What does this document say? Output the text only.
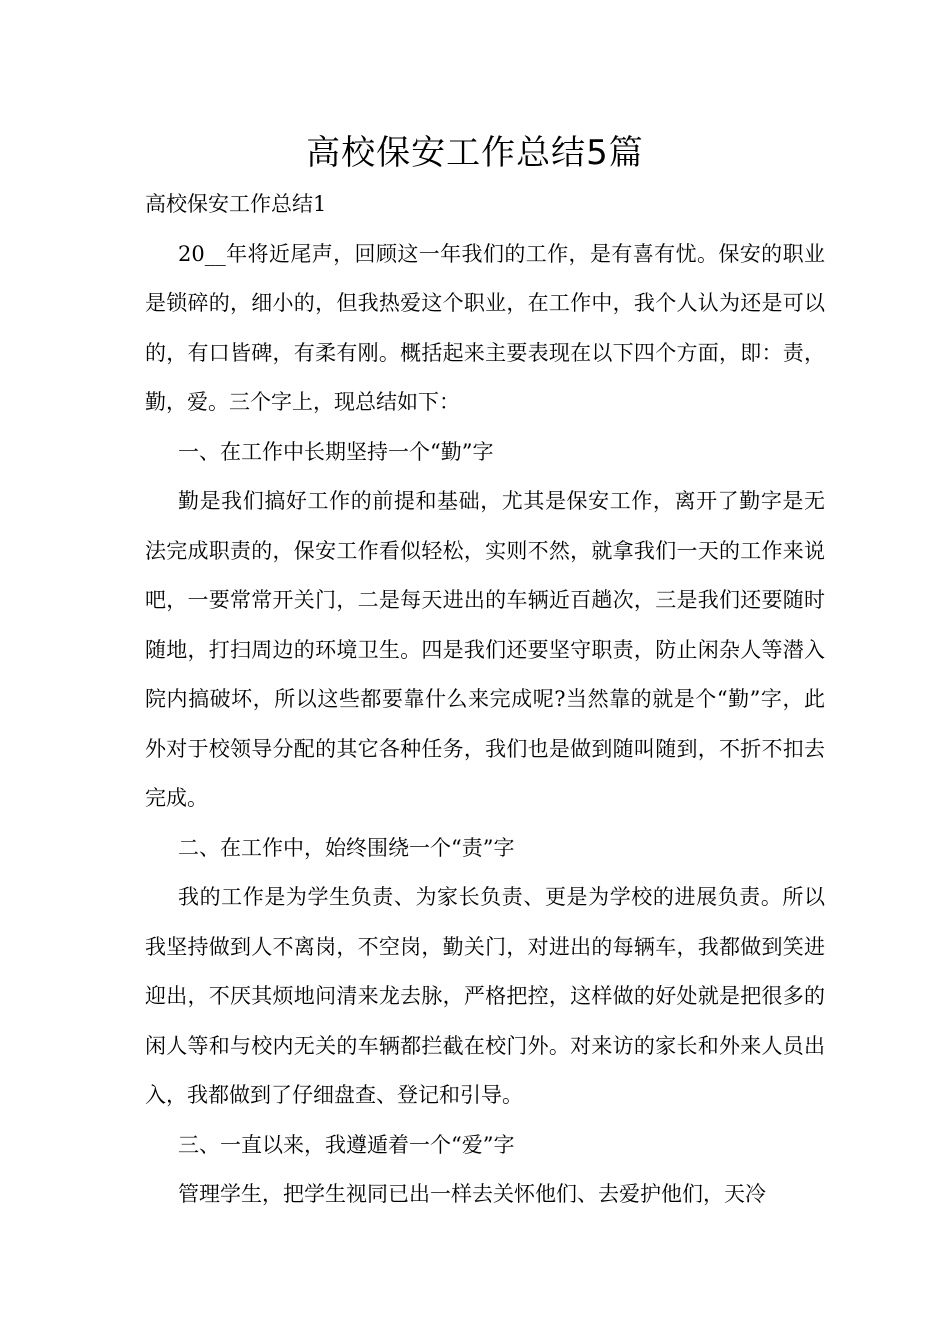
高校保安工作总结5篇

高校保安工作总结1

20__年将近尾声，回顾这一年我们的工作，是有喜有忧。保安的职业是锁碎的，细小的，但我热爱这个职业，在工作中，我个人认为还是可以的，有口皆碑，有柔有刚。概括起来主要表现在以下四个方面，即：责，勤，爱。三个字上，现总结如下：

一、在工作中长期坚持一个“勤”字

勤是我们搞好工作的前提和基础，尤其是保安工作，离开了勤字是无法完成职责的，保安工作看似轻松，实则不然，就拿我们一天的工作来说吧，一要常常开关门，二是每天进出的车辆近百趟次，三是我们还要随时随地，打扫周边的环境卫生。四是我们还要坚守职责，防止闲杂人等潜入院内搞破坏，所以这些都要靠什么来完成呢?当然靠的就是个“勤”字，此外对于校领导分配的其它各种任务，我们也是做到随叫随到，不折不扣去完成。

二、在工作中，始终围绕一个“责”字

我的工作是为学生负责、为家长负责、更是为学校的进展负责。所以我坚持做到人不离岗，不空岗，勤关门，对进出的每辆车，我都做到笑进迎出，不厌其烦地问清来龙去脉，严格把控，这样做的好处就是把很多的闲人等和与校内无关的车辆都拦截在校门外。对来访的家长和外来人员出入，我都做到了仔细盘查、登记和引导。

三、一直以来，我遵遁着一个“爱”字

管理学生，把学生视同已出一样去关怀他们、去爱护他们，天冷
